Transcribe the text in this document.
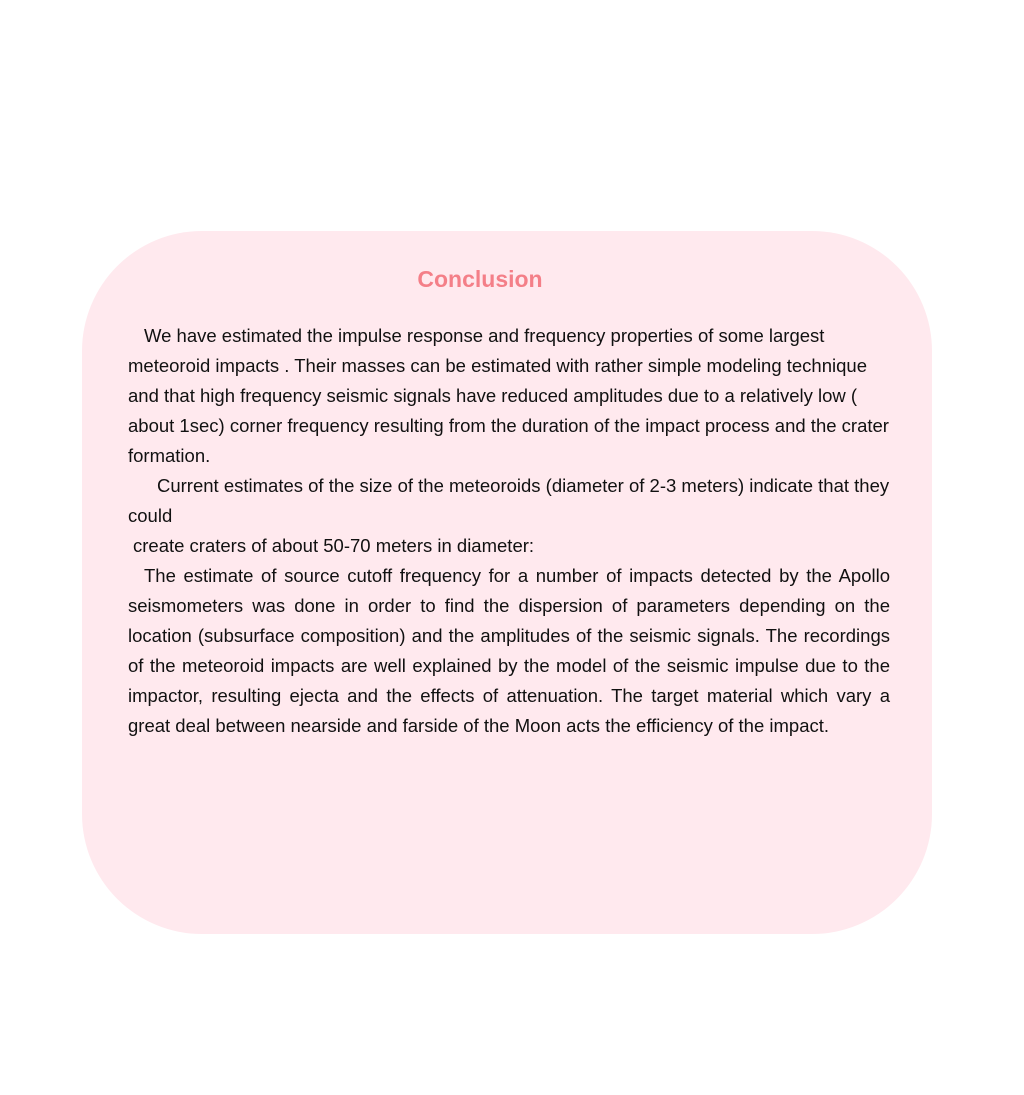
Conclusion

We have estimated the impulse response and frequency properties of some largest meteoroid impacts . Their masses can be estimated with rather simple modeling technique and that high frequency seismic signals have reduced amplitudes due to a relatively low ( about 1sec) corner frequency resulting from the duration of the impact process and the crater formation.

Current estimates of the size of the meteoroids (diameter of 2-3 meters) indicate that they could
create craters of about 50-70 meters in diameter:

The estimate of source cutoff frequency for a number of impacts detected by the Apollo seismometers was done in order to find the dispersion of parameters depending on the location (subsurface composition) and the amplitudes of the seismic signals. The recordings of the meteoroid impacts are well explained by the model of the seismic impulse due to the impactor, resulting ejecta and the effects of attenuation. The target material which vary a great deal between nearside and farside of the Moon acts the efficiency of the impact.
